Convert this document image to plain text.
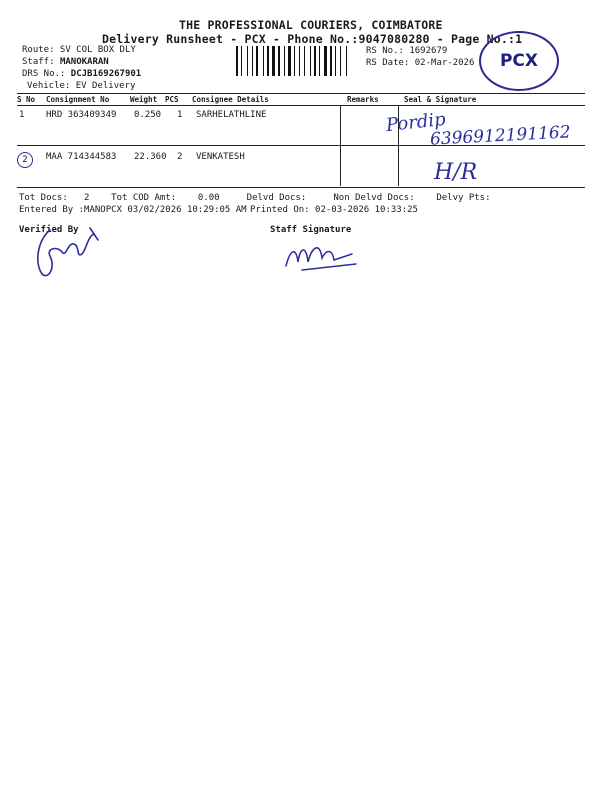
THE PROFESSIONAL COURIERS, COIMBATORE
Delivery Runsheet - PCX - Phone No.:9047080280 - Page No.:1
Route: SV COL BOX DLY
Staff: MANOKARAN
DRS No.: DCJB169267901
Vehicle: EV Delivery
RS No.: 1692679
RS Date: 02-Mar-2026 PCX
S No Consignment No	Weight PCS Consignee Details	Remarks	Seal & Signature
1 HRD 363409349 0.250 1 SARHELATHLINE
2	MAA 714344583 22.360 2 VENKATESH
Pordip
6396912191162
H/R
Tot Docs: 2 Tot COD Amt: 0.00	Delvd Docs:	Non Delvd Docs: Delvy Pts:
Entered By :MANOPCX 03/02/2026 10:29:05 AM Printed On: 02-03-2026 10:33:25
Verified By	Staff Signature
